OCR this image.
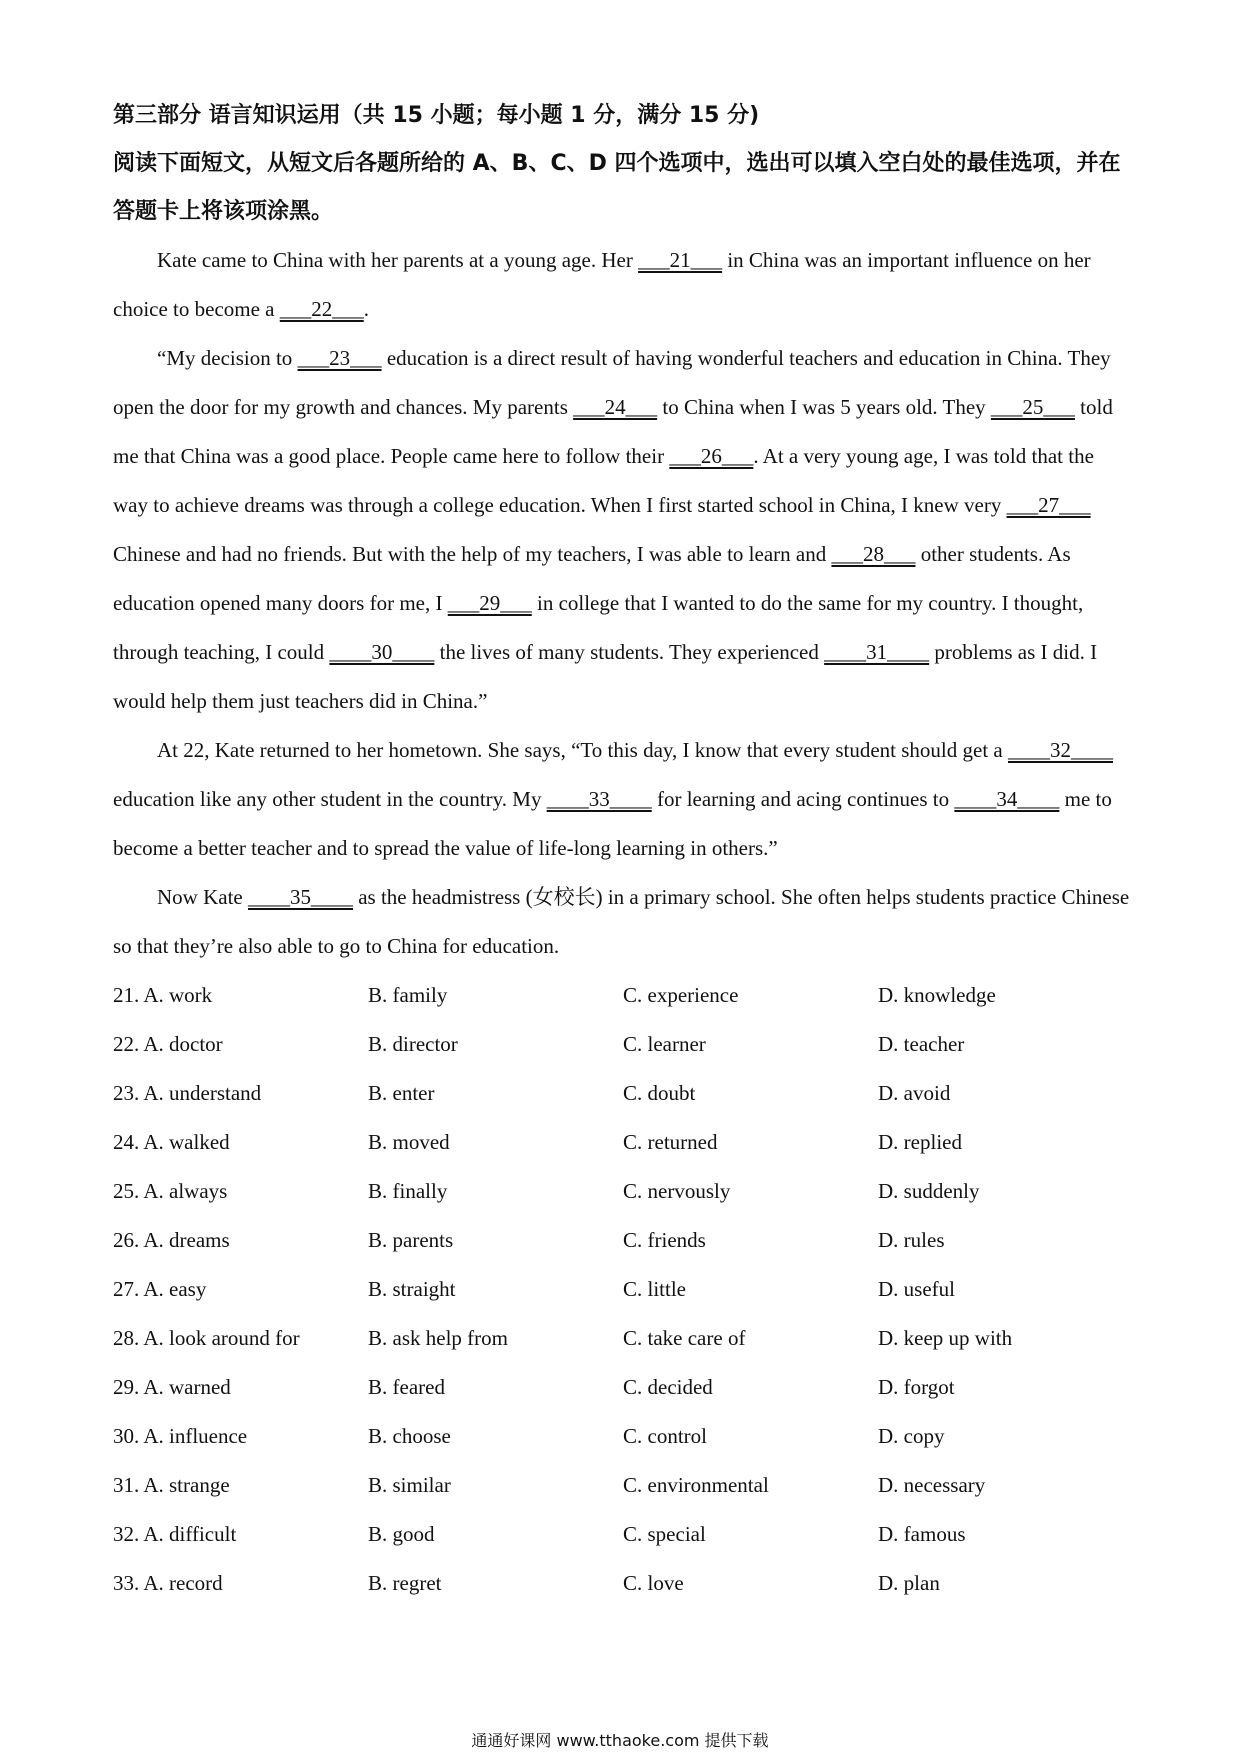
第三部分 语言知识运用（共 15 小题；每小题 1 分，满分 15 分)

阅读下面短文，从短文后各题所给的 A、B、C、D 四个选项中，选出可以填入空白处的最佳选项，并在答题卡上将该项涂黑。

Kate came to China with her parents at a young age. Her ___21___ in China was an important influence on her choice to become a ___22___.

“My decision to ___23___ education is a direct result of having wonderful teachers and education in China. They open the door for my growth and chances. My parents ___24___ to China when I was 5 years old. They ___25___ told me that China was a good place. People came here to follow their ___26___. At a very young age, I was told that the way to achieve dreams was through a college education. When I first started school in China, I knew very ___27___ Chinese and had no friends. But with the help of my teachers, I was able to learn and ___28___ other students. As education opened many doors for me, I ___29___ in college that I wanted to do the same for my country. I thought, through teaching, I could ____30____ the lives of many students. They experienced ____31____ problems as I did. I would help them just teachers did in China.”

At 22, Kate returned to her hometown. She says, “To this day, I know that every student should get a ____32____ education like any other student in the country. My ____33____ for learning and acing continues to ____34____ me to become a better teacher and to spread the value of life-long learning in others.”

Now Kate ____35____ as the headmistress (女校长) in a primary school. She often helps students practice Chinese so that they’re also able to go to China for education.

21. A. work	B. family	C. experience	D. knowledge
22. A. doctor	B. director	C. learner	D. teacher
23. A. understand	B. enter	C. doubt	D. avoid
24. A. walked	B. moved	C. returned	D. replied
25. A. always	B. finally	C. nervously	D. suddenly
26. A. dreams	B. parents	C. friends	D. rules
27. A. easy	B. straight	C. little	D. useful
28. A. look around for	B. ask help from	C. take care of	D. keep up with
29. A. warned	B. feared	C. decided	D. forgot
30. A. influence	B. choose	C. control	D. copy
31. A. strange	B. similar	C. environmental	D. necessary
32. A. difficult	B. good	C. special	D. famous
33. A. record	B. regret	C. love	D. plan
通通好课网 www.tthaoke.com 提供下载
